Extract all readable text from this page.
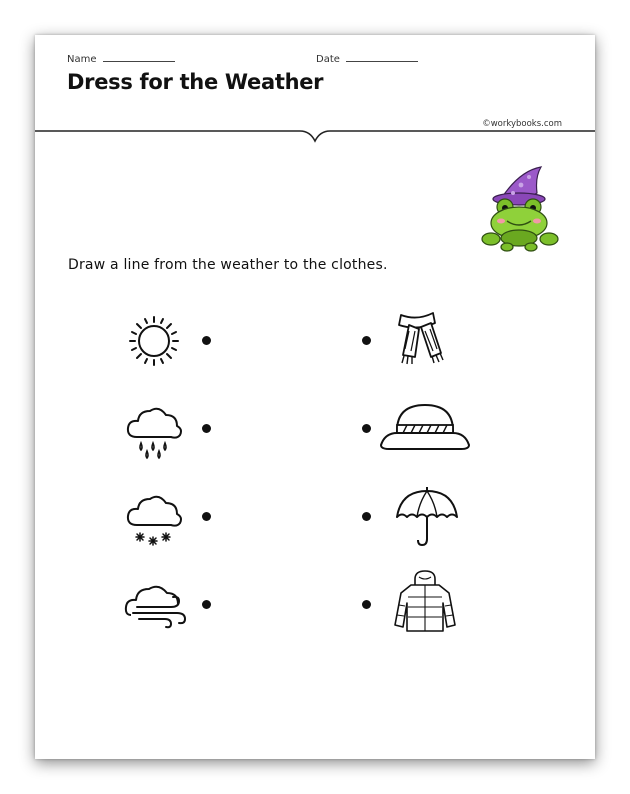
Name	Date
Dress for the Weather
©workybooks.com
Draw a line from the weather to the clothes.
